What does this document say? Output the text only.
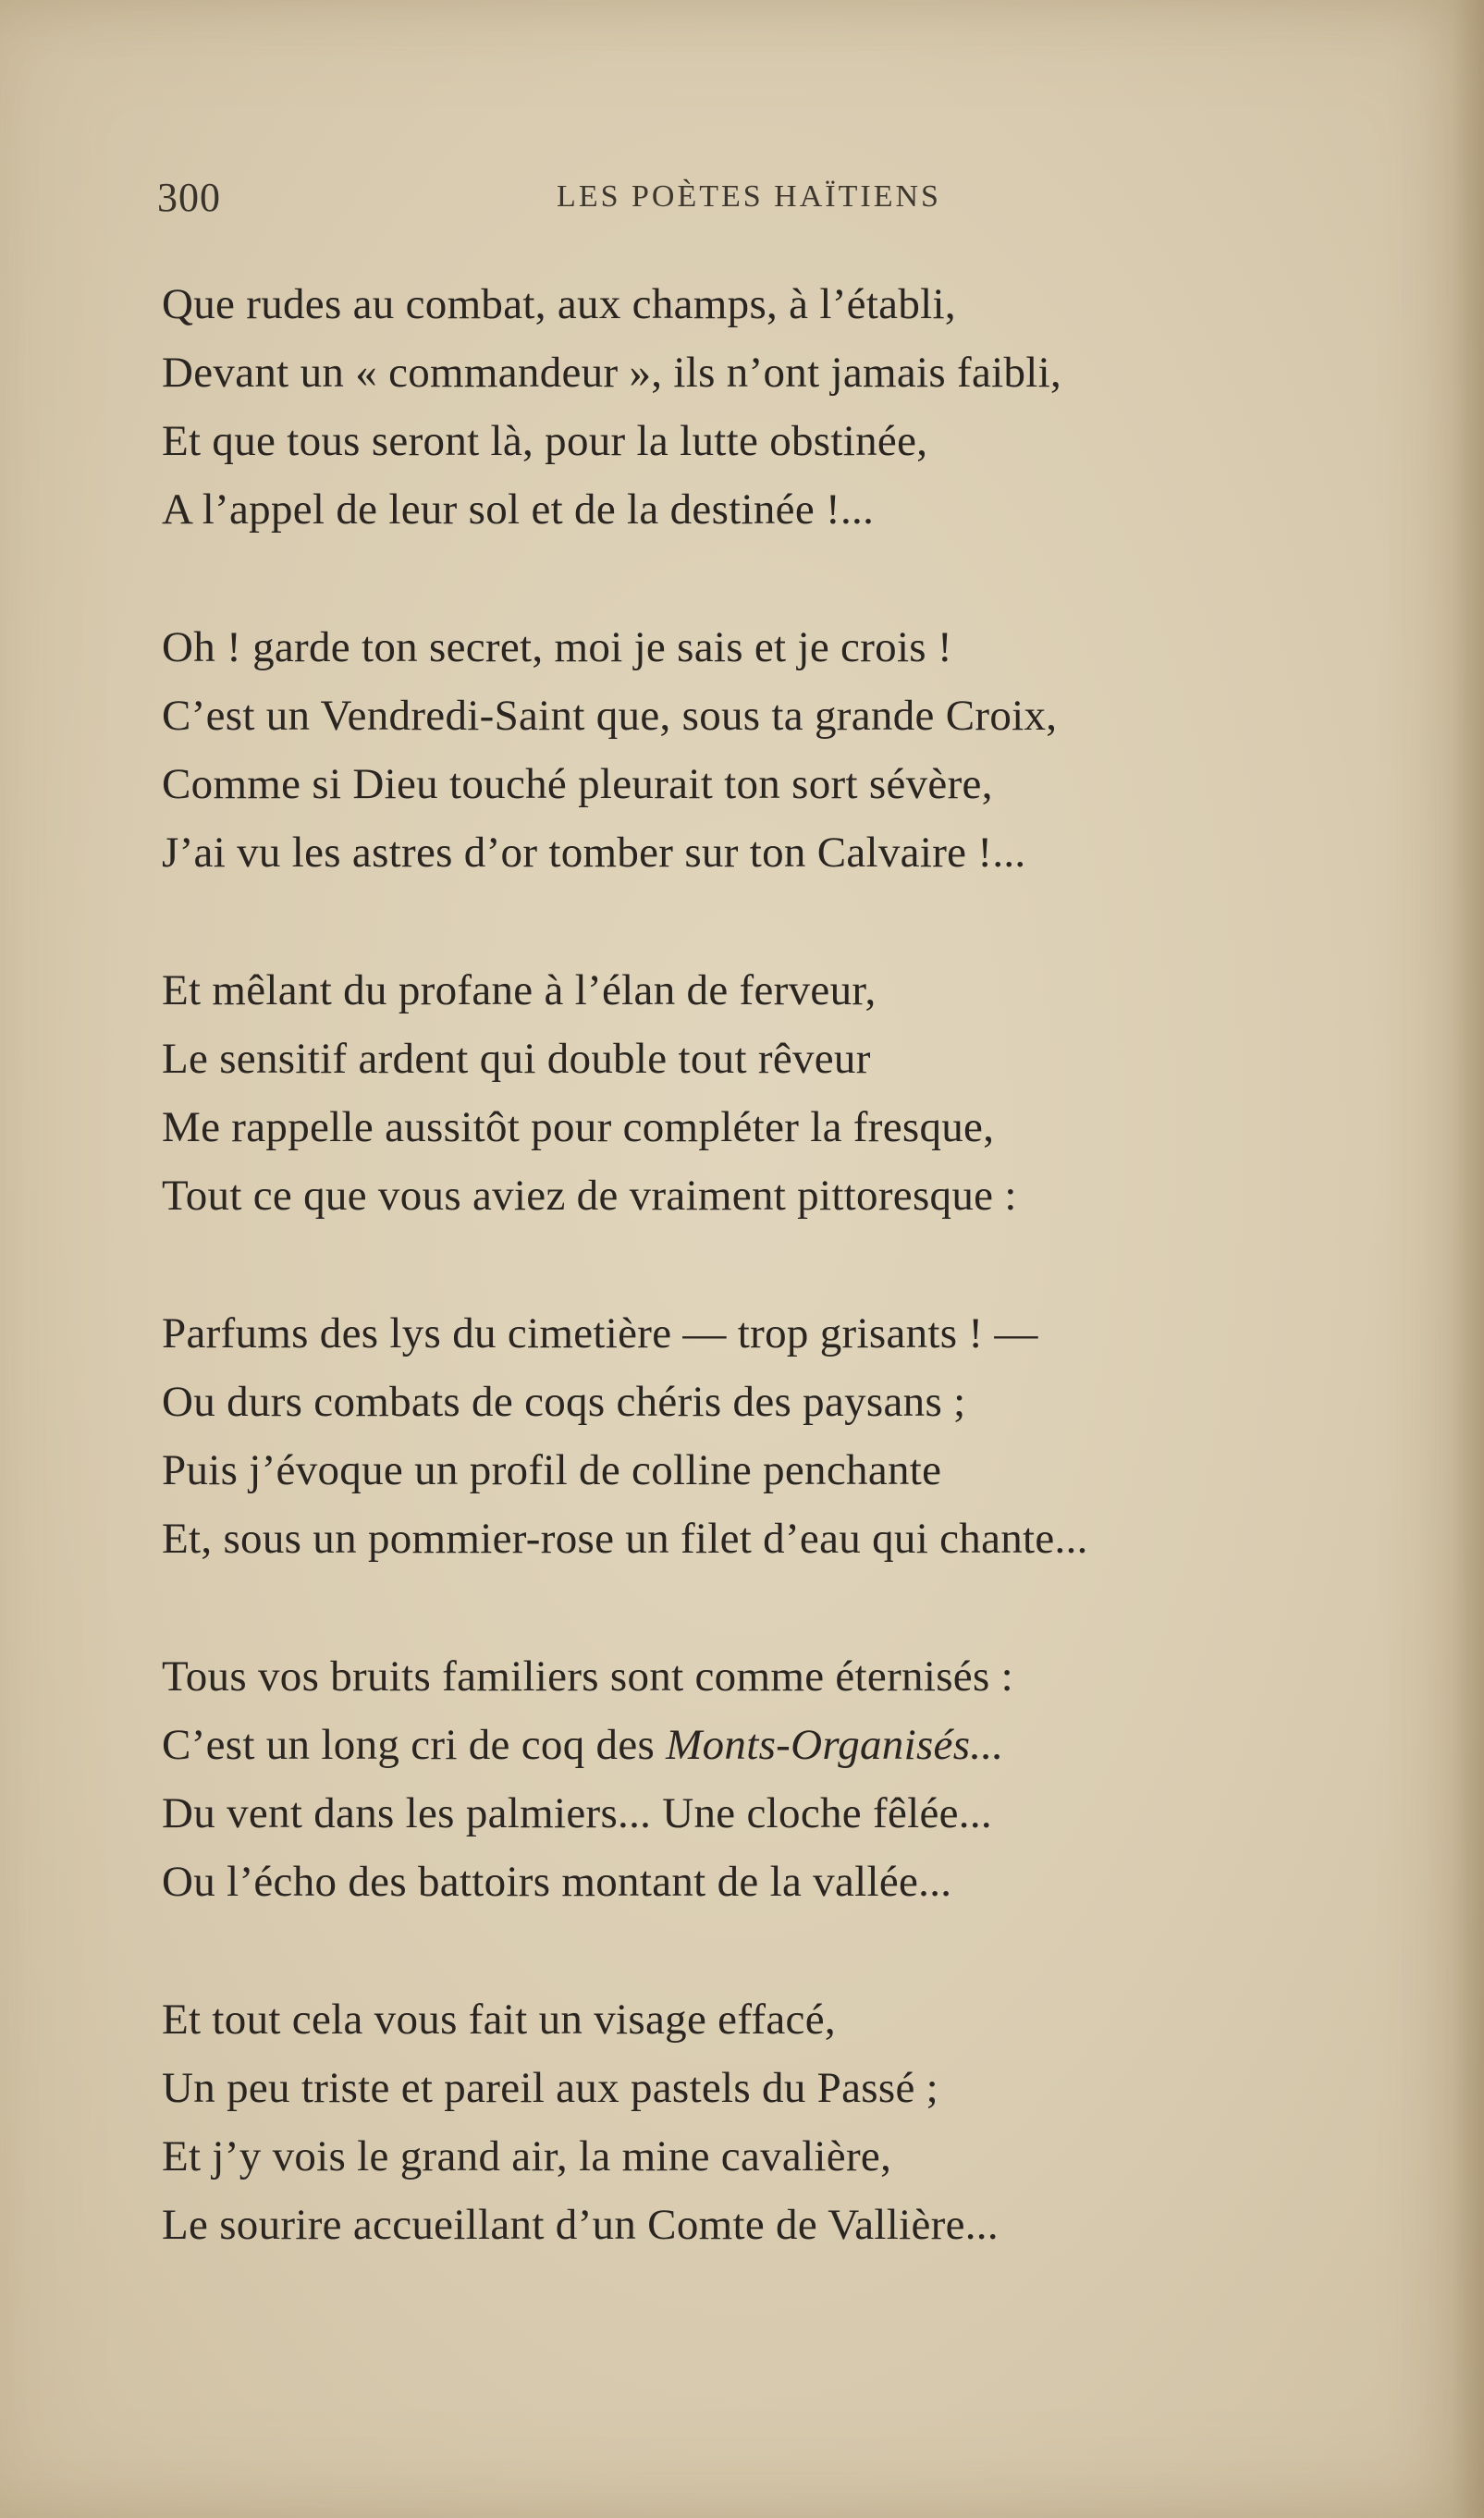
300	LES POÈTES HAÏTIENS
Que rudes au combat, aux champs, à l’établi,
Devant un « commandeur », ils n’ont jamais faibli,
Et que tous seront là, pour la lutte obstinée,
A l’appel de leur sol et de la destinée !...
Oh ! garde ton secret, moi je sais et je crois !
C’est un Vendredi-Saint que, sous ta grande Croix,
Comme si Dieu touché pleurait ton sort sévère,
J’ai vu les astres d’or tomber sur ton Calvaire !...
Et mêlant du profane à l’élan de ferveur,
Le sensitif ardent qui double tout rêveur
Me rappelle aussitôt pour compléter la fresque,
Tout ce que vous aviez de vraiment pittoresque :
Parfums des lys du cimetière — trop grisants ! —
Ou durs combats de coqs chéris des paysans ;
Puis j’évoque un profil de colline penchante
Et, sous un pommier-rose un filet d’eau qui chante...
Tous vos bruits familiers sont comme éternisés :
C’est un long cri de coq des Monts-Organisés...
Du vent dans les palmiers... Une cloche fêlée...
Ou l’écho des battoirs montant de la vallée...
Et tout cela vous fait un visage effacé,
Un peu triste et pareil aux pastels du Passé ;
Et j’y vois le grand air, la mine cavalière,
Le sourire accueillant d’un Comte de Vallière...
